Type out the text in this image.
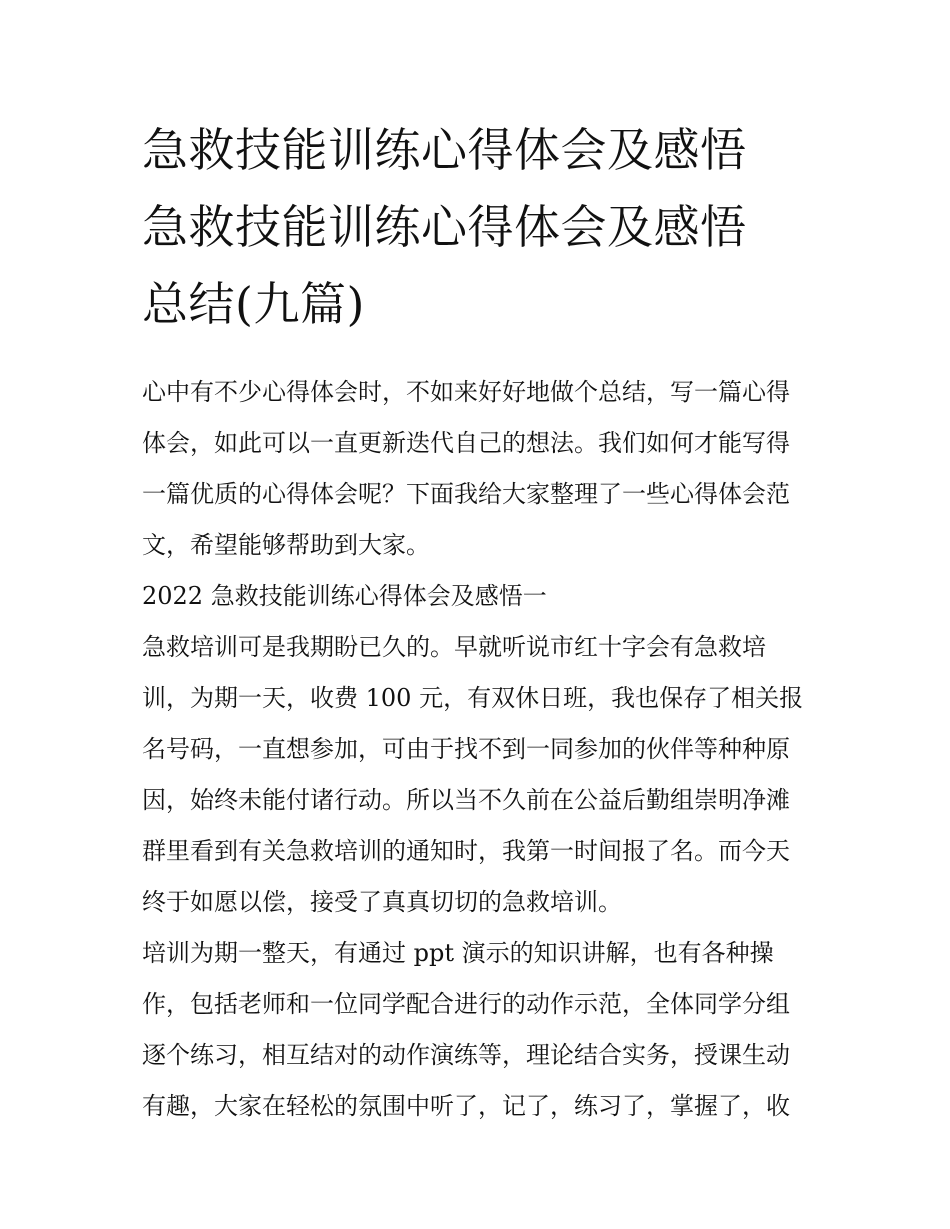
急救技能训练心得体会及感悟
急救技能训练心得体会及感悟
总结(九篇)

心中有不少心得体会时，不如来好好地做个总结，写一篇心得
体会，如此可以一直更新迭代自己的想法。我们如何才能写得
一篇优质的心得体会呢？下面我给大家整理了一些心得体会范
文，希望能够帮助到大家。

2022 急救技能训练心得体会及感悟一

急救培训可是我期盼已久的。早就听说市红十字会有急救培
训，为期一天，收费 100 元，有双休日班，我也保存了相关报
名号码，一直想参加，可由于找不到一同参加的伙伴等种种原
因，始终未能付诸行动。所以当不久前在公益后勤组崇明净滩
群里看到有关急救培训的通知时，我第一时间报了名。而今天
终于如愿以偿，接受了真真切切的急救培训。

培训为期一整天，有通过 ppt 演示的知识讲解，也有各种操
作，包括老师和一位同学配合进行的动作示范，全体同学分组
逐个练习，相互结对的动作演练等，理论结合实务，授课生动
有趣，大家在轻松的氛围中听了，记了，练习了，掌握了，收
